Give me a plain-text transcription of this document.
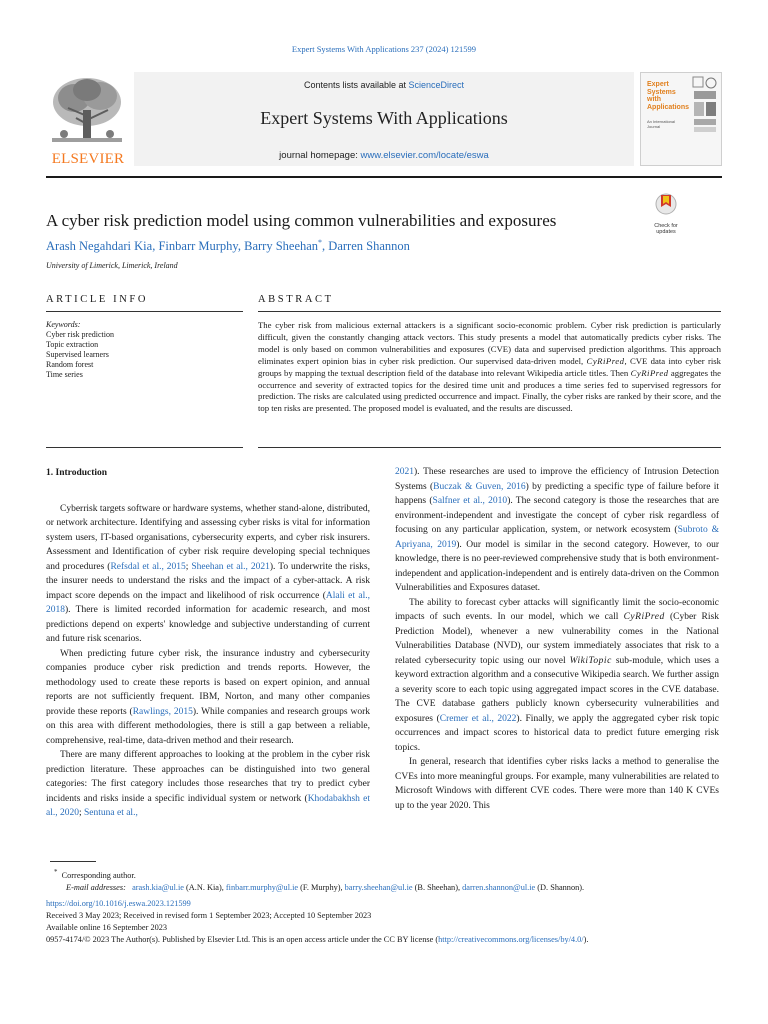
Expert Systems With Applications 237 (2024) 121599
ELSEVIER
Contents lists available at ScienceDirect
Expert Systems With Applications
journal homepage: www.elsevier.com/locate/eswa
Expert
Systems
with
Applications
An International
Journal
A cyber risk prediction model using common vulnerabilities and exposures	Check for
updates
Arash Negahdari Kia, Finbarr Murphy, Barry Sheehan*, Darren Shannon
University of Limerick, Limerick, Ireland
ARTICLE INFO	ABSTRACT
Keywords:
Cyber risk prediction
Topic extraction
Supervised learners
Random forest
Time series
The cyber risk from malicious external attackers is a significant socio-economic problem. Cyber risk prediction is particularly difficult, given the constantly changing attack vectors. This study presents a model that automatically predicts cyber risks. The model is only based on common vulnerabilities and exposures (CVE) data and supervised prediction algorithms. This approach eliminates expert opinion bias in cyber risk prediction. Our supervised data-driven model, CyRiPred, CVE data into cyber risk groups by mapping the textual description field of the database into relevant Wikipedia article titles. Then CyRiPred aggregates the occurrence and severity of extracted topics for the desired time unit and produces a time series fed to supervised regressors for prediction. The risks are calculated using predicted occurrence and impact. Finally, the cyber risks are ranked by their score, and the top ten risks are presented. The proposed model is evaluated, and the results are discussed.
1. Introduction

Cyberrisk targets software or hardware systems, whether stand-alone, distributed, or network architecture. Identifying and assessing cyber risks is vital for information system users, IT-based organisations, cybersecurity experts, and cyber risk insurers. Assessment and Identification of cyber risk require developing special techniques and procedures (Refsdal et al., 2015; Sheehan et al., 2021). To underwrite the risks, the insurer needs to understand the risks and the impact of a cyber-attack. A risk impact score depends on the impact and likelihood of risk occurrence (Alali et al., 2018). There is limited recorded information for academic research, and most predictions depend on experts' knowledge and subjective understanding of current and future risk scenarios.

When predicting future cyber risk, the insurance industry and cybersecurity companies produce cyber risk prediction and trends reports. However, the methodology used to create these reports is based on expert opinion, and annual reports are not sufficiently frequent. IBM, Norton, and many other companies provide these reports (Rawlings, 2015). While companies and research groups work on this area with different methodologies, there is still a gap between a reliable, comprehensive, real-time, data-driven method and their research.

There are many different approaches to looking at the problem in the cyber risk prediction literature. These approaches can be distinguished into two general categories: The first category includes those researches that try to predict cyber incidents and risks inside a specific individual system or network (Khodabakhsh et al., 2020; Sentuna et al.,

2021). These researches are used to improve the efficiency of Intrusion Detection Systems (Buczak & Guven, 2016) by predicting a specific type of failure before it happens (Salfner et al., 2010). The second category is those the researches that are environment-independent and investigate the concept of cyber risk regardless of focusing on any particular application, system, or network ecosystem (Subroto & Apriyana, 2019). Our model is similar in the second category. However, to our knowledge, there is no peer-reviewed comprehensive study that is both environment-independent and application-independent and is entirely data-driven on the Common Vulnerabilities and Exposures dataset.

The ability to forecast cyber attacks will significantly limit the socio-economic impacts of such events. In our model, which we call CyRiPred (Cyber Risk Prediction Model), whenever a new vulnerability comes in the National Vulnerabilities Database (NVD), our system immediately associates that risk to a related cybersecurity topic using our novel WikiTopic sub-module, which uses a keyword extraction algorithm and a consecutive Wikipedia search. We further assign a severity score to each topic using aggregated impact scores in the CVE database. The CVE database gathers publicly known cybersecurity vulnerabilities and exposures (Cremer et al., 2022). Finally, we apply the aggregated cyber risk topic occurrences and impact scores to historical data to predict future emerging risk topics.

In general, research that identifies cyber risks lacks a method to generalise the CVEs into more meaningful groups. For example, many vulnerabilities are related to Microsoft Windows with different CVE codes. There were more than 140 K CVEs up to the year 2020. This

* Corresponding author.
E-mail addresses: arash.kia@ul.ie (A.N. Kia), finbarr.murphy@ul.ie (F. Murphy), barry.sheehan@ul.ie (B. Sheehan), darren.shannon@ul.ie (D. Shannon).
https://doi.org/10.1016/j.eswa.2023.121599
Received 3 May 2023; Received in revised form 1 September 2023; Accepted 10 September 2023
Available online 16 September 2023
0957-4174/© 2023 The Author(s). Published by Elsevier Ltd. This is an open access article under the CC BY license (http://creativecommons.org/licenses/by/4.0/).
